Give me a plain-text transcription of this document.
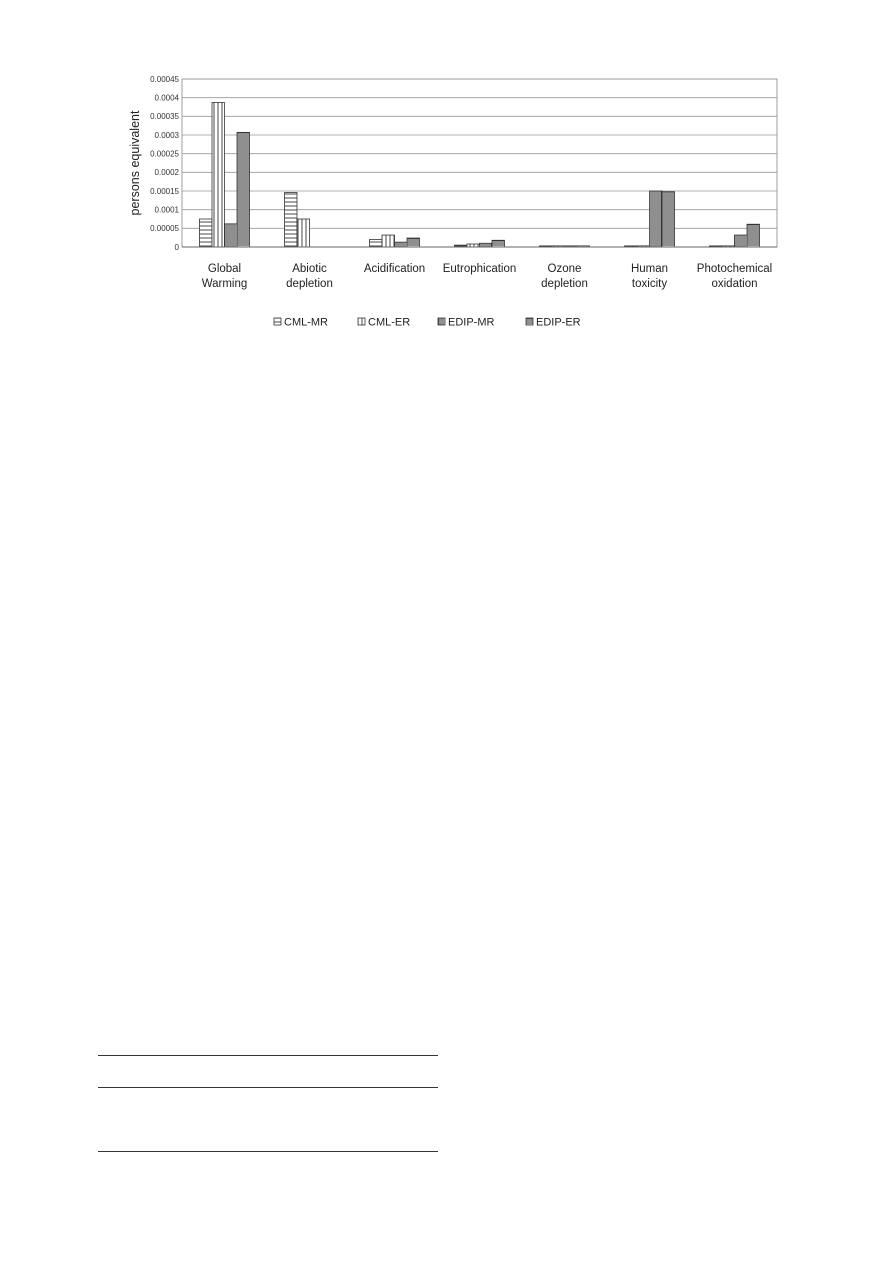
0
0.00005
0.0001
0.00015
0.0002
0.00025
0.0003
0.00035
0.0004
0.00045
Global Warming
Abiotic depletion
Acidification Eutrophication	Ozone depletion
Human toxicity
Photochemical oxidation
persons equivalent
CML-MR	CML-ER	EDIP-MR	EDIP-ER
